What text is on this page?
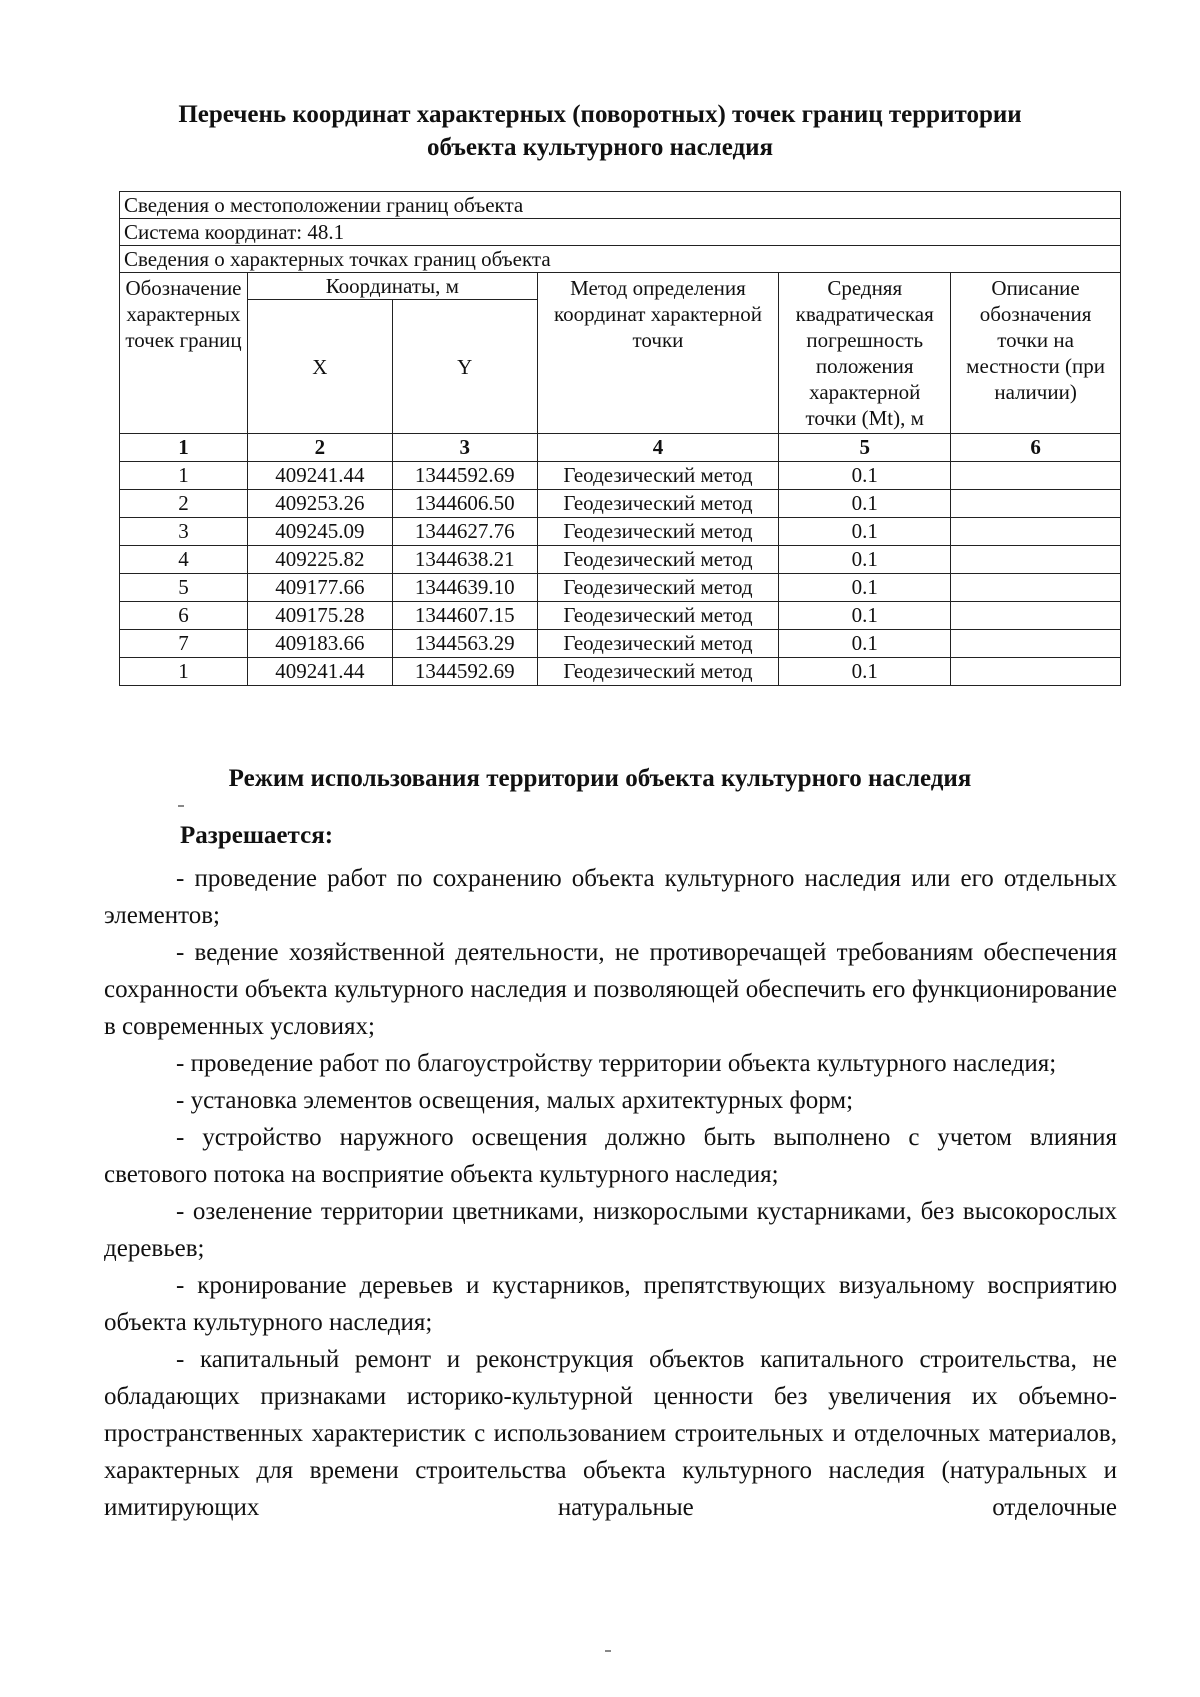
Перечень координат характерных (поворотных) точек границ территории
объекта культурного наследия
Сведения о местоположении границ объекта					
Система координат: 48.1					
Сведения о характерных точках границ объекта					
Обозначение характерных точек границ	Координаты, м		Метод определения координат характерной точки	Средняя квадратическая погрешность положения характерной точки (Mt), м	Описание обозначения точки на местности (при наличии)
	X	Y			
1	2	3	4	5	6
1	409241.44	1344592.69	Геодезический метод	0.1	
2	409253.26	1344606.50	Геодезический метод	0.1	
3	409245.09	1344627.76	Геодезический метод	0.1	
4	409225.82	1344638.21	Геодезический метод	0.1	
5	409177.66	1344639.10	Геодезический метод	0.1	
6	409175.28	1344607.15	Геодезический метод	0.1	
7	409183.66	1344563.29	Геодезический метод	0.1	
1	409241.44	1344592.69	Геодезический метод	0.1	
Режим использования территории объекта культурного наследия
Разрешается:

- проведение работ по сохранению объекта культурного наследия или его отдельных элементов;

- ведение хозяйственной деятельности, не противоречащей требованиям обеспечения сохранности объекта культурного наследия и позволяющей обеспечить его функционирование в современных условиях;

- проведение работ по благоустройству территории объекта культурного наследия;

- установка элементов освещения, малых архитектурных форм;

- устройство наружного освещения должно быть выполнено с учетом влияния светового потока на восприятие объекта культурного наследия;

- озеленение территории цветниками, низкорослыми кустарниками, без высокорослых деревьев;

- кронирование деревьев и кустарников, препятствующих визуальному восприятию объекта культурного наследия;

- капитальный ремонт и реконструкция объектов капитального строительства, не обладающих признаками историко-культурной ценности без увеличения их объемно-пространственных характеристик с использованием строительных и отделочных материалов, характерных для времени строительства объекта культурного наследия (натуральных и имитирующих натуральные отделочные
